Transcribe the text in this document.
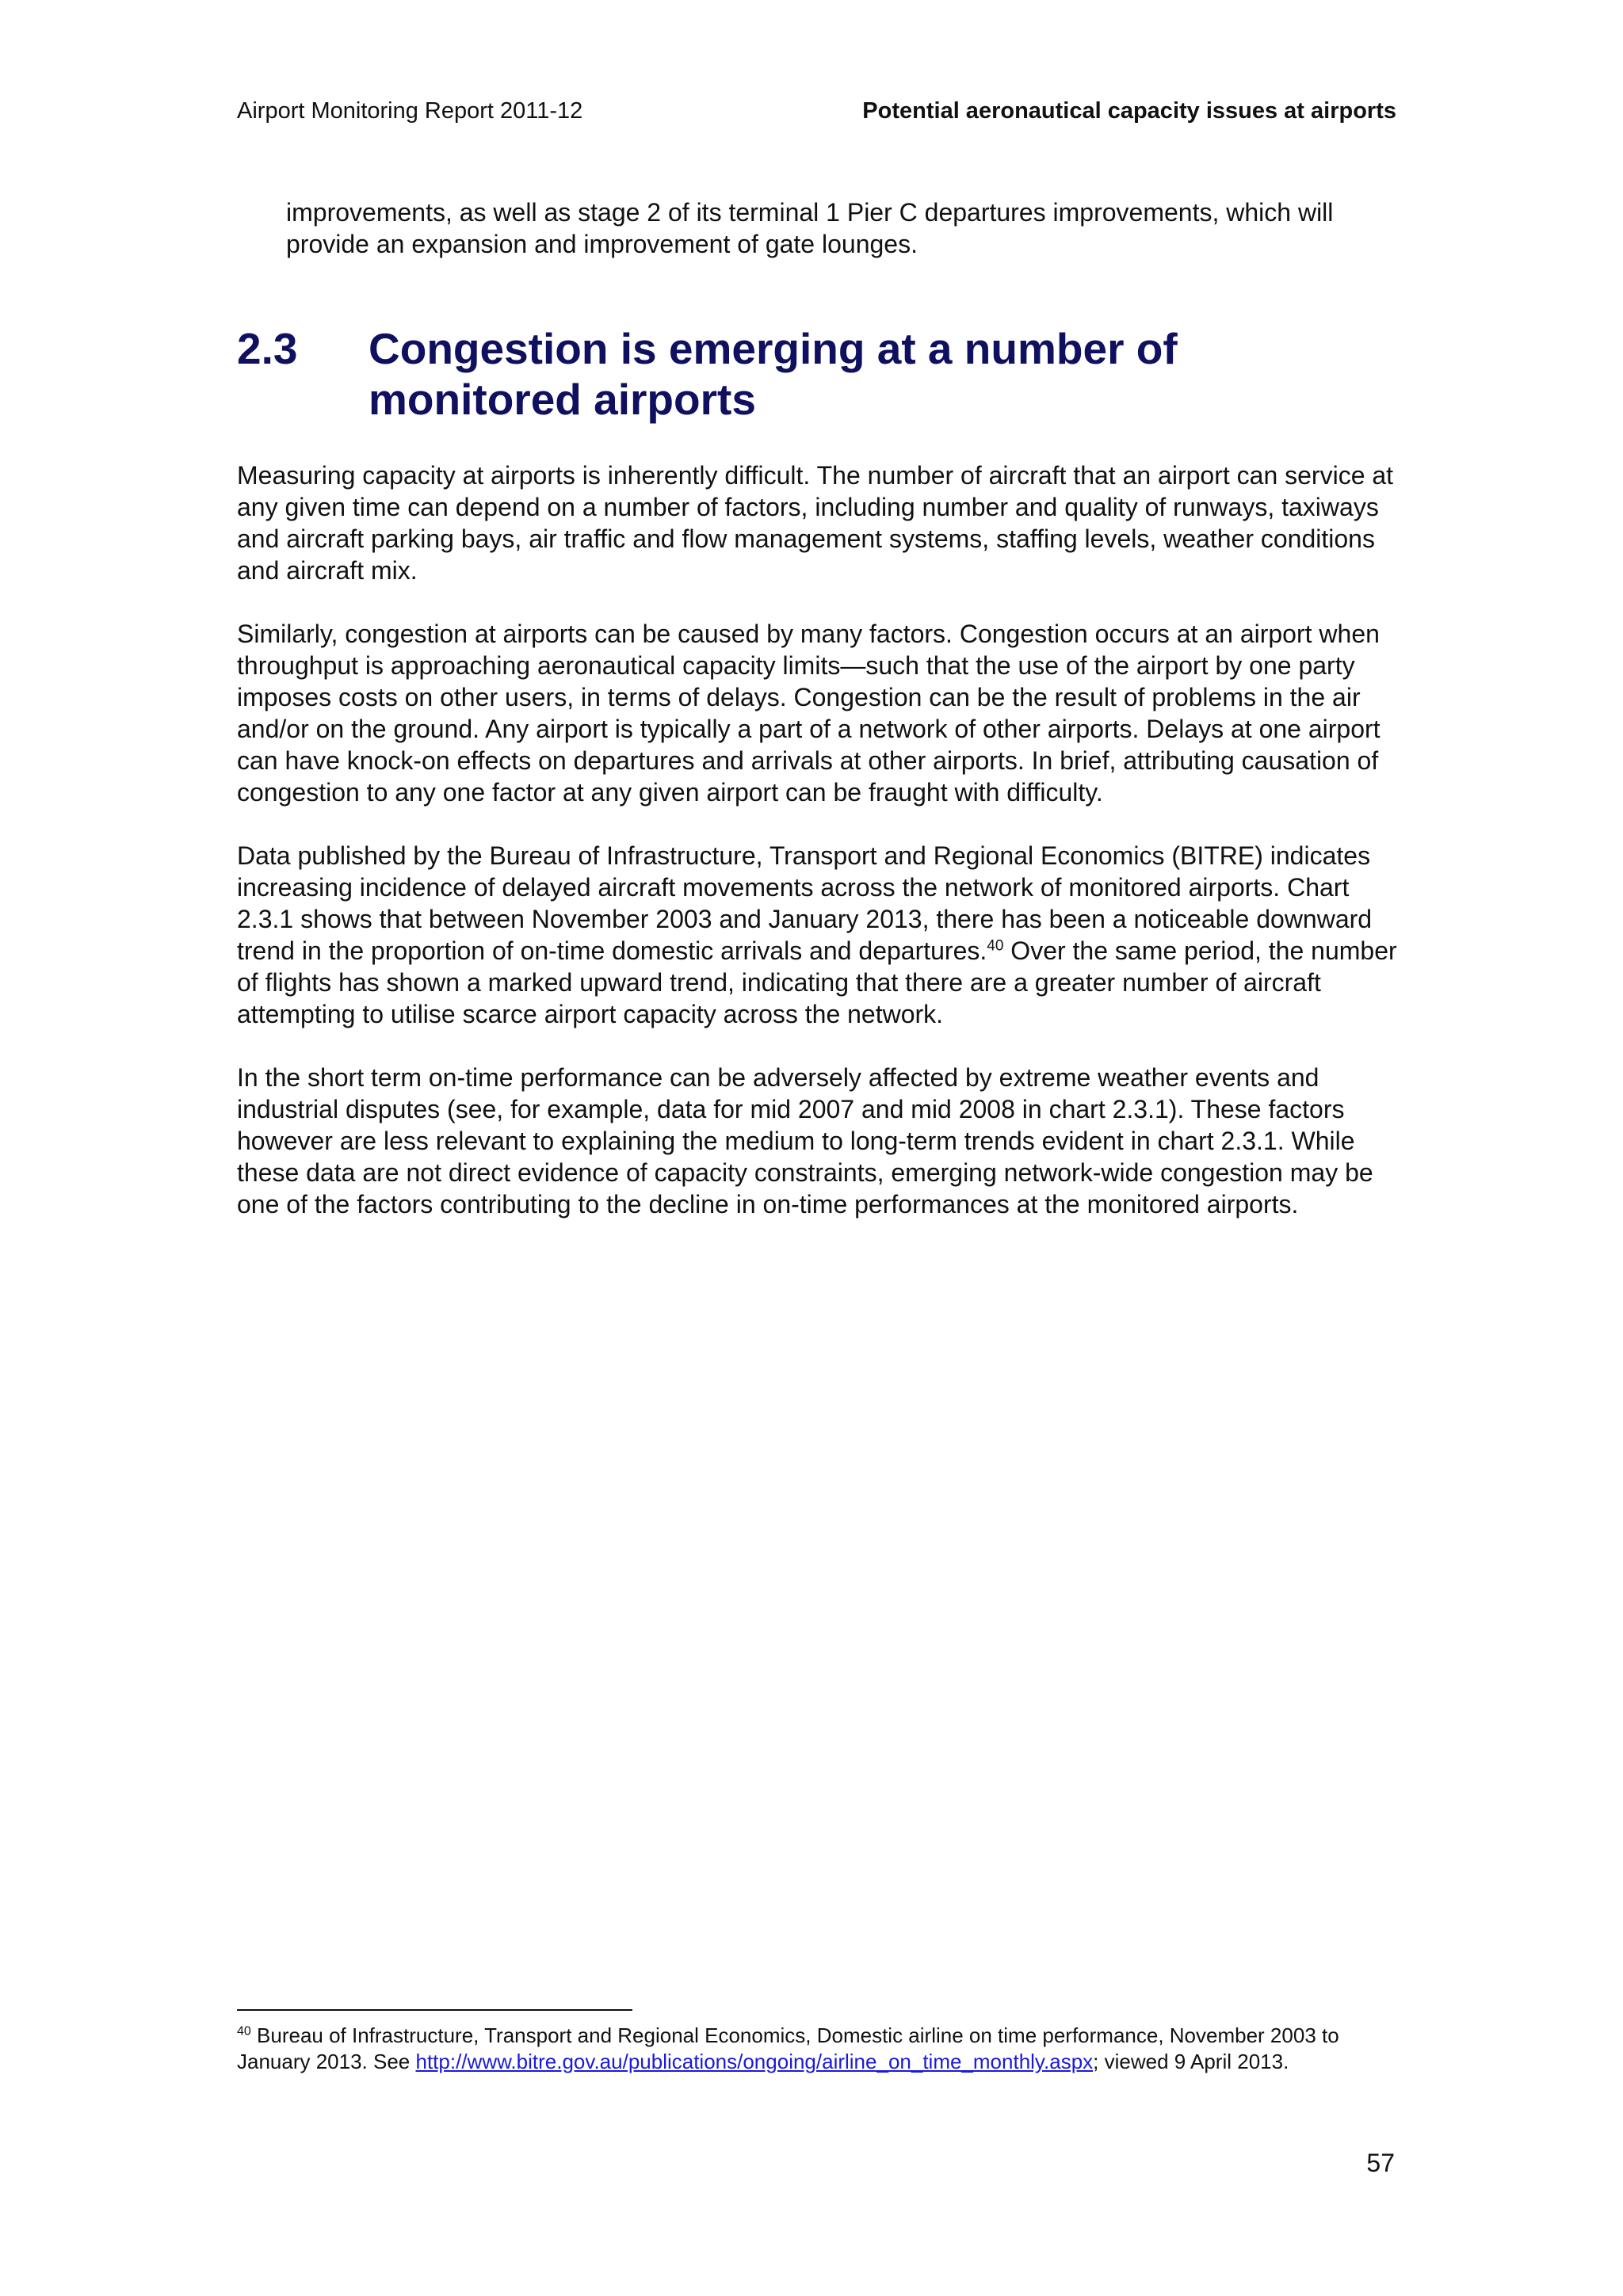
Airport Monitoring Report 2011-12	Potential aeronautical capacity issues at airports

improvements, as well as stage 2 of its terminal 1 Pier C departures improvements, which will provide an expansion and improvement of gate lounges.

2.3	Congestion is emerging at a number of monitored airports

Measuring capacity at airports is inherently difficult. The number of aircraft that an airport can service at any given time can depend on a number of factors, including number and quality of runways, taxiways and aircraft parking bays, air traffic and flow management systems, staffing levels, weather conditions and aircraft mix.

Similarly, congestion at airports can be caused by many factors. Congestion occurs at an airport when throughput is approaching aeronautical capacity limits—such that the use of the airport by one party imposes costs on other users, in terms of delays. Congestion can be the result of problems in the air and/or on the ground. Any airport is typically a part of a network of other airports. Delays at one airport can have knock-on effects on departures and arrivals at other airports. In brief, attributing causation of congestion to any one factor at any given airport can be fraught with difficulty.

Data published by the Bureau of Infrastructure, Transport and Regional Economics (BITRE) indicates increasing incidence of delayed aircraft movements across the network of monitored airports. Chart 2.3.1 shows that between November 2003 and January 2013, there has been a noticeable downward trend in the proportion of on-time domestic arrivals and departures.$^{40}$ Over the same period, the number of flights has shown a marked upward trend, indicating that there are a greater number of aircraft attempting to utilise scarce airport capacity across the network.

In the short term on-time performance can be adversely affected by extreme weather events and industrial disputes (see, for example, data for mid 2007 and mid 2008 in chart 2.3.1). These factors however are less relevant to explaining the medium to long-term trends evident in chart 2.3.1. While these data are not direct evidence of capacity constraints, emerging network-wide congestion may be one of the factors contributing to the decline in on-time performances at the monitored airports.

$^{40}$ Bureau of Infrastructure, Transport and Regional Economics, Domestic airline on time performance, November 2003 to January 2013. See http://www.bitre.gov.au/publications/ongoing/airline_on_time_monthly.aspx; viewed 9 April 2013.

57
